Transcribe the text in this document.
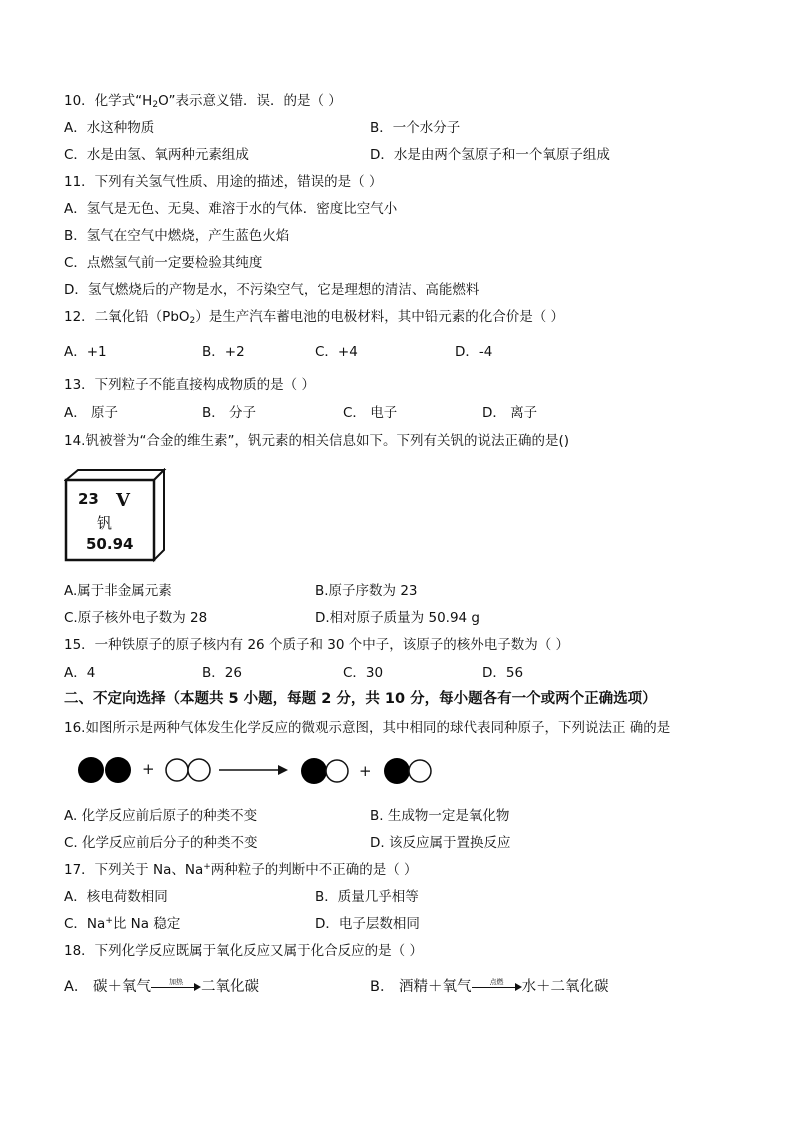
10．化学式“$H_2O$”表示意义错．误．的是（ ）
A．水这种物质	B．一个水分子
C．水是由氢、氧两种元素组成	D．水是由两个氢原子和一个氧原子组成
11．下列有关氢气性质、用途的描述，错误的是（ ）
A．氢气是无色、无臭、难溶于水的气体．密度比空气小
B．氢气在空气中燃烧，产生蓝色火焰
C．点燃氢气前一定要检验其纯度
D．氢气燃烧后的产物是水，不污染空气，它是理想的清洁、高能燃料
12．二氧化铅（PbO$_2$）是生产汽车蓄电池的电极材料，其中铅元素的化合价是（ ）
A．+1	B．+2	C．+4	D．-4
13．下列粒子不能直接构成物质的是（ ）
A． 原子	B． 分子	C． 电子	D． 离子
14.钒被誉为“合金的维生素”，钒元素的相关信息如下。下列有关钒的说法正确的是()
23 V
钒
50.94
A.属于非金属元素	B.原子序数为 23
C.原子核外电子数为 28	D.相对原子质量为 50.94 g
15．一种铁原子的原子核内有 26 个质子和 30 个中子，该原子的核外电子数为（ ）
A．4	B．26	C．30	D．56
二、不定向选择（本题共 5 小题，每题 2 分，共 10 分，每小题各有一个或两个正确选项）
16.如图所示是两种气体发生化学反应的微观示意图，其中相同的球代表同种原子，下列说法正 确的是
+	+
A. 化学反应前后原子的种类不变	B. 生成物一定是氧化物
C. 化学反应前后分子的种类不变	D. 该反应属于置换反应
17．下列关于 Na、Na+两种粒子的判断中不正确的是（ ）
A．核电荷数相同	B．质量几乎相等
C．Na+比 Na 稳定	D．电子层数相同
18．下列化学反应既属于氧化反应又属于化合反应的是（ ）
A． 碳＋氧气	加热	二氧化碳	B． 酒精＋氧气	点燃	水＋二氧化碳
